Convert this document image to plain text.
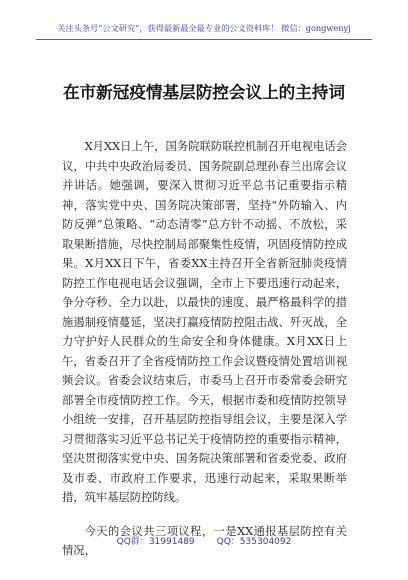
关注头条号“公文研究”，获得最新最全最专业的公文资料库！ 微信：gongwenyj
在市新冠疫情基层防控会议上的主持词

X月XX日上午，国务院联防联控机制召开电视电话会议，中共中央政治局委员、国务院副总理孙春兰出席会议并讲话。她强调，要深入贯彻习近平总书记重要指示精神，落实党中央、国务院决策部署，坚持“外防输入、内防反弹”总策略、“动态清零”总方针不动摇、不放松，采取果断措施，尽快控制局部聚集性疫情，巩固疫情防控成果。X月XX日下午，省委XX主持召开全省新冠肺炎疫情防控工作电视电话会议强调，全市上下要迅速行动起来，争分夺秒、全力以赴，以最快的速度、最严格最科学的措施遏制疫情蔓延，坚决打赢疫情防控阻击战、歼灭战，全力守护好人民群众的生命安全和身体健康。X月XX日上午，省委召开了全省疫情防控工作会议暨疫情处置培训视频会议。省委会议结束后，市委马上召开市委常委会研究部署全市疫情防控工作。今天，根据市委和疫情防控领导小组统一安排，召开基层防控指导组会议，主要是深入学习贯彻落实习近平总书记关于疫情防控的重要指示精神，坚决贯彻落实党中央、国务院决策部署和省委党委、政府及市委、市政府工作要求，迅速行动起来，采取果断举措，筑牢基层防控防线。

今天的会议共三项议程，一是XX通报基层防控有关情况，

QQ群：31991489 QQ：535304092
